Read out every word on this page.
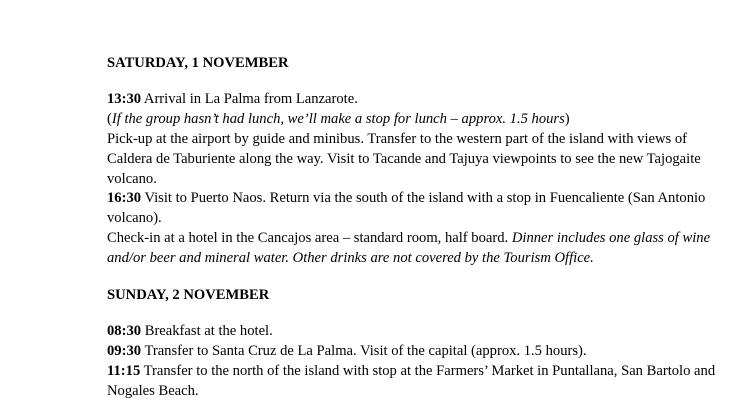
SATURDAY, 1 NOVEMBER

13:30 Arrival in La Palma from Lanzarote.

(If the group hasn’t had lunch, we’ll make a stop for lunch – approx. 1.5 hours)

Pick-up at the airport by guide and minibus. Transfer to the western part of the island with views of Caldera de Taburiente along the way. Visit to Tacande and Tajuya viewpoints to see the new Tajogaite volcano.

16:30 Visit to Puerto Naos. Return via the south of the island with a stop in Fuencaliente (San Antonio volcano).

Check-in at a hotel in the Cancajos area – standard room, half board. Dinner includes one glass of wine and/or beer and mineral water. Other drinks are not covered by the Tourism Office.

SUNDAY, 2 NOVEMBER

08:30 Breakfast at the hotel.

09:30 Transfer to Santa Cruz de La Palma. Visit of the capital (approx. 1.5 hours).

11:15 Transfer to the north of the island with stop at the Farmers’ Market in Puntallana, San Bartolo and Nogales Beach.
